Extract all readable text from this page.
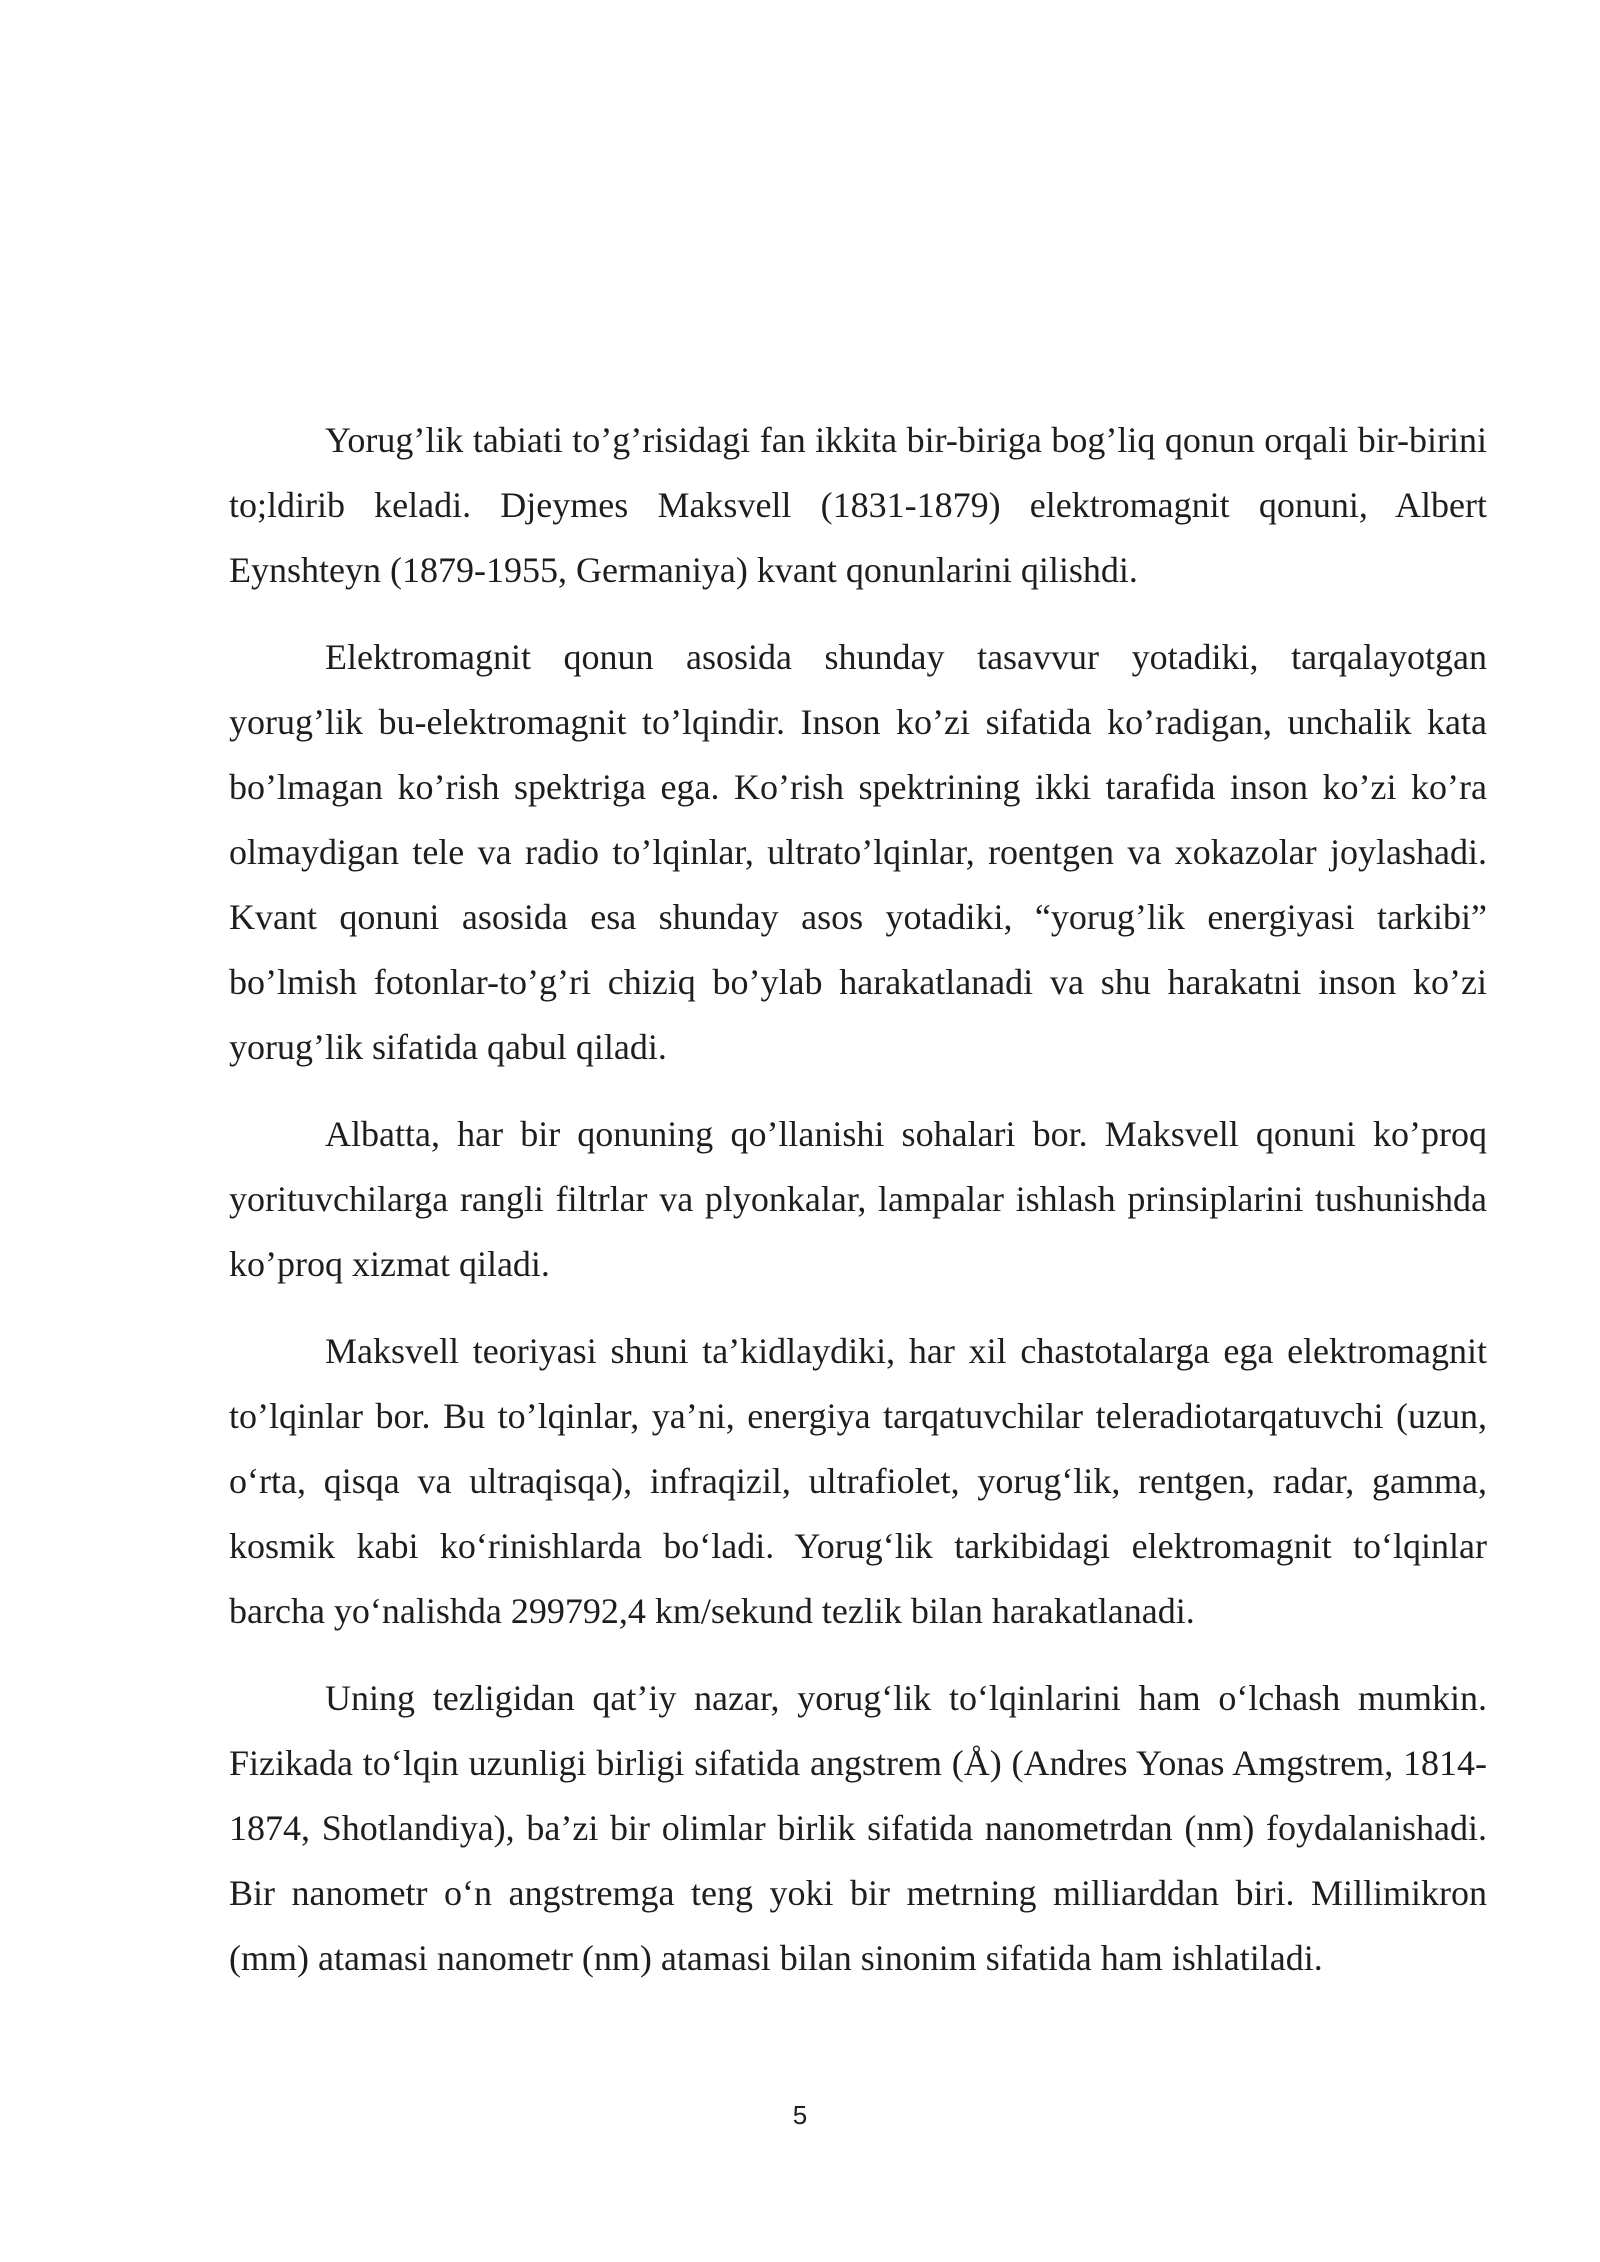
Yorug’lik tabiati to’g’risidagi fan ikkita bir-biriga bog’liq qonun orqali bir-birini to;ldirib keladi. Djeymes Maksvell (1831-1879) elektromagnit qonuni, Albert Eynshteyn (1879-1955, Germaniya) kvant qonunlarini qilishdi.

Elektromagnit qonun asosida shunday tasavvur yotadiki, tarqalayotgan yorug’lik bu-elektromagnit to’lqindir. Inson ko’zi sifatida ko’radigan, unchalik kata bo’lmagan ko’rish spektriga ega. Ko’rish spektrining ikki tarafida inson ko’zi ko’ra olmaydigan tele va radio to’lqinlar, ultrato’lqinlar, roentgen va xokazolar joylashadi. Kvant qonuni asosida esa shunday asos yotadiki, “yorug’lik energiyasi tarkibi” bo’lmish fotonlar-to’g’ri chiziq bo’ylab harakatlanadi va shu harakatni inson ko’zi yorug’lik sifatida qabul qiladi.

Albatta, har bir qonuning qo’llanishi sohalari bor. Maksvell qonuni ko’proq yorituvchilarga rangli filtrlar va plyonkalar, lampalar ishlash prinsiplarini tushunishda ko’proq xizmat qiladi.

Maksvell teoriyasi shuni ta’kidlaydiki, har xil chastotalarga ega elektromagnit to’lqinlar bor. Bu to’lqinlar, ya’ni, energiya tarqatuvchilar teleradiotarqatuvchi (uzun, o‘rta, qisqa va ultraqisqa), infraqizil, ultrafiolet, yorug‘lik, rentgen, radar, gamma, kosmik kabi ko‘rinishlarda bo‘ladi. Yorug‘lik tarkibidagi elektromagnit to‘lqinlar barcha yo‘nalishda 299792,4 km/sekund tezlik bilan harakatlanadi.

Uning tezligidan qat’iy nazar, yorug‘lik to‘lqinlarini ham o‘lchash mumkin. Fizikada to‘lqin uzunligi birligi sifatida angstrem (Å) (Andres Yonas Amgstrem, 1814-1874, Shotlandiya), ba’zi bir olimlar birlik sifatida nanometrdan (nm) foydalanishadi. Bir nanometr o‘n angstremga teng yoki bir metrning milliarddan biri. Millimikron (mm) atamasi nanometr (nm) atamasi bilan sinonim sifatida ham ishlatiladi.

5
